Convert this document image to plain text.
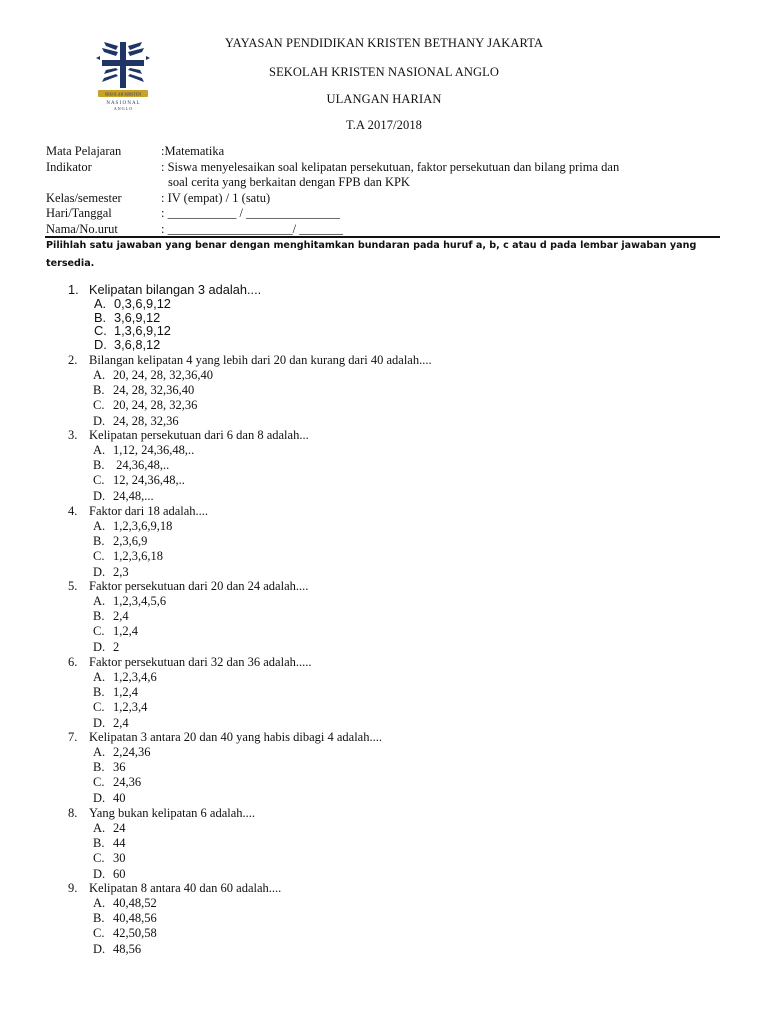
SEKOLAH KRISTEN
N A S I O N A L
A N G L O
YAYASAN PENDIDIKAN KRISTEN BETHANY JAKARTA
SEKOLAH KRISTEN NASIONAL ANGLO
ULANGAN HARIAN
T.A 2017/2018
Mata Pelajaran	:Matematika
Indikator	: Siswa menyelesaikan soal kelipatan persekutuan, faktor persekutuan dan bilang prima dan
soal cerita yang berkaitan dengan FPB dan KPK
Kelas/semester	: IV (empat) / 1 (satu)
Hari/Tanggal	: ___________ / _______________
Nama/No.urut	: ____________________/ _______
Pilihlah satu jawaban yang benar dengan menghitamkan bundaran pada huruf a, b, c atau d pada lembar jawaban yang
tersedia.
1. Kelipatan bilangan 3 adalah....
A. 0,3,6,9,12
B. 3,6,9,12
C. 1,3,6,9,12
D. 3,6,8,12
2. Bilangan kelipatan 4 yang lebih dari 20 dan kurang dari 40 adalah....
A. 20, 24, 28, 32,36,40
B. 24, 28, 32,36,40
C. 20, 24, 28, 32,36
D. 24, 28, 32,36
3. Kelipatan persekutuan dari 6 dan 8 adalah...
A. 1,12, 24,36,48,..
B. 24,36,48,..
C. 12, 24,36,48,..
D. 24,48,...
4. Faktor dari 18 adalah....
A. 1,2,3,6,9,18
B. 2,3,6,9
C. 1,2,3,6,18
D. 2,3
5. Faktor persekutuan dari 20 dan 24 adalah....
A. 1,2,3,4,5,6
B. 2,4
C. 1,2,4
D. 2
6. Faktor persekutuan dari 32 dan 36 adalah.....
A. 1,2,3,4,6
B. 1,2,4
C. 1,2,3,4
D. 2,4
7. Kelipatan 3 antara 20 dan 40 yang habis dibagi 4 adalah....
A. 2,24,36
B. 36
C. 24,36
D. 40
8. Yang bukan kelipatan 6 adalah....
A. 24
B. 44
C. 30
D. 60
9. Kelipatan 8 antara 40 dan 60 adalah....
A. 40,48,52
B. 40,48,56
C. 42,50,58
D. 48,56
